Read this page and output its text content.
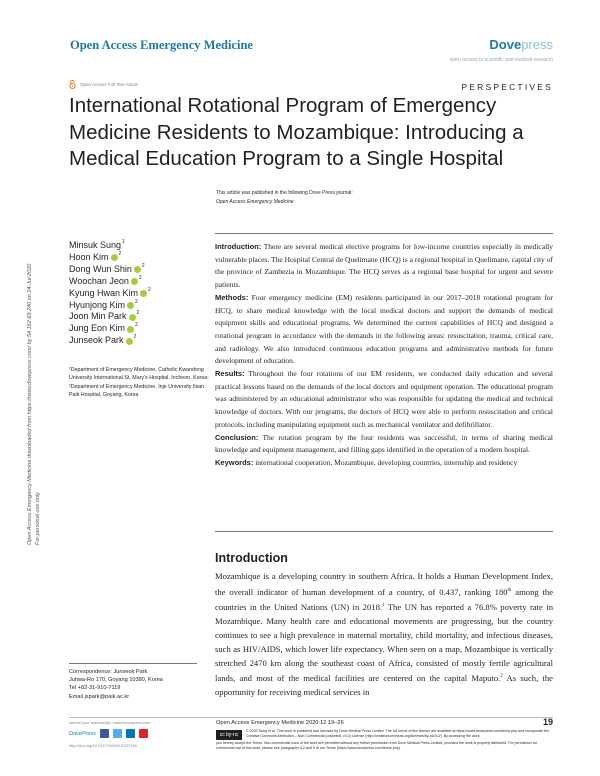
Open Access Emergency Medicine	Dovepress
open access to scientific and medical research
Open Access Full Text Article	PERSPECTIVES
International Rotational Program of Emergency Medicine Residents to Mozambique: Introducing a Medical Education Program to a Single Hospital
Open Access Emergency Medicine downloaded from https://www.dovepress.com/ by 54.162.69.240 on 24-Jul-2020 For personal use only.
This article was published in the following Dove Press journal:
Open Access Emergency Medicine
Minsuk Sung$^1$
Hoon Kim $^2$
Dong Wun Shin $^2$
Woochan Jeon $^2$
Kyung Hwan Kim $^2$
Hyunjong Kim $^2$
Joon Min Park $^2$
Jung Eon Kim $^2$
Junseok Park $^2$
¹Department of Emergency Medicine, Catholic Kwandong University International St. Mary's Hospital, Incheon, Korea; ²Department of Emergency Medicine, Inje University Ilsan Paik Hospital, Goyang, Korea

Introduction: There are several medical elective programs for low-income countries especially in medically vulnerable places. The Hospital Central de Quelimane (HCQ) is a regional hospital in Quelimane, capital city of the province of Zambezia in Mozambique. The HCQ serves as a regional base hospital for urgent and severe patients.

Methods: Four emergency medicine (EM) residents participated in our 2017–2018 rotational program for HCQ, to share medical knowledge with the local medical doctors and support the demands of medical equipment skills and educational programs. We determined the current capabilities of HCQ and designed a rotational program in accordance with the demands in the following areas: resuscitation, trauma, critical care, and radiology. We also introduced continuous education programs and administrative methods for future development of education.

Results: Throughout the four rotations of our EM residents, we conducted daily education and several practical lessons based on the demands of the local doctors and equipment operation. The educational program was administered by an educational administrator who was responsible for updating the medical and technical knowledge of doctors. With our programs, the doctors of HCQ were able to perform resuscitation and critical protocols, including manipulating equipment such as mechanical ventilator and defibrillator.

Conclusion: The rotation program by the four residents was successful, in terms of sharing medical knowledge and equipment management, and filling gaps identified in the operation of a modern hospital.

Keywords: international cooperation, Mozambique, developing countries, internship and residency

Introduction
Mozambique is a developing country in southern Africa. It holds a Human Development Index, the overall indicator of human development of a country, of 0.437, ranking 180th among the countries in the United Nations (UN) in 2018.$^1$ The UN has reported a 76.8% poverty rate in Mozambique. Many health care and educational movements are progressing, but the country continues to see a high prevalence in maternal mortality, child mortality, and infectious diseases, such as HIV/AIDS, which lower life expectancy. When seen on a map, Mozambique is vertically stretched 2470 km along the southeast coast of Africa, consisted of mostly fertile agricultural lands, and most of the medical facilities are centered on the capital Maputo.$^2$ As such, the opportunity for receiving medical services in
Correspondence: Junseok Park
Juhwa-Ro 170, Goyang 10380, Korea
Tel +82-31-910-7119
Email jspark@paik.ac.kr
submit your manuscript | www.dovepress.com
DovePress
http://doi.org/10.2147/OAEM.S237245
Open Access Emergency Medicine 2020:12 19–26	19
cc by-nc
© 2020 Sung et al. This work is published and licensed by Dove Medical Press Limited. The full terms of this license are available at https://www.dovepress.com/terms.php and incorporate the Creative Commons Attribution – Non Commercial (unported, v3.0) License (http://creativecommons.org/licenses/by-nc/3.0/). By accessing the work
you hereby accept the Terms. Non-commercial uses of the work are permitted without any further permission from Dove Medical Press Limited, provided the work is properly attributed. For permission for commercial use of this work, please see paragraphs 4.2 and 5 of our Terms (https://www.dovepress.com/terms.php).
